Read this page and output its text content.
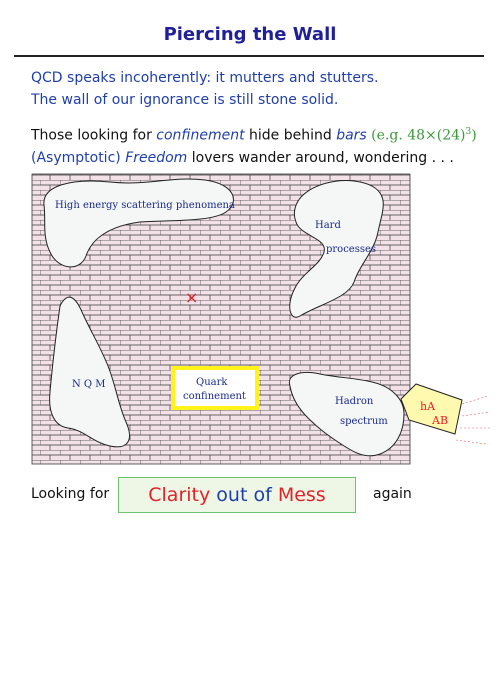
Piercing the Wall
QCD speaks incoherently: it mutters and stutters.
The wall of our ignorance is still stone solid.
Those looking for confinement hide behind bars (e.g. $48\times(24)^3$)
(Asymptotic) Freedom lovers wander around, wondering . . .
High energy scattering phenomena
Hard
processes
N Q M	Quark
confinement	Hadron
spectrum
hA
AB
×
Looking for	Clarity out of Mess	again
